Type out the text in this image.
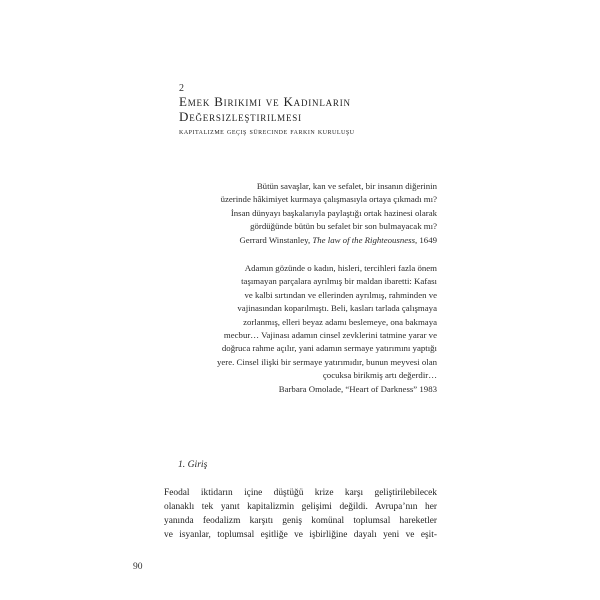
2
Emek Birikimi ve Kadınların
Değersizleştirilmesi
kapitalizme geçiş sürecinde farkın kuruluşu
Bütün savaşlar, kan ve sefalet, bir insanın diğerinin
üzerinde hâkimiyet kurmaya çalışmasıyla ortaya çıkmadı mı?
İnsan dünyayı başkalarıyla paylaştığı ortak hazinesi olarak
gördüğünde bütün bu sefalet bir son bulmayacak mı?
Gerrard Winstanley, The law of the Righteousness, 1649
Adamın gözünde o kadın, hisleri, tercihleri fazla önem
taşımayan parçalara ayrılmış bir maldan ibaretti: Kafası
ve kalbi sırtından ve ellerinden ayrılmış, rahminden ve
vajinasından koparılmıştı. Beli, kasları tarlada çalışmaya
zorlanmış, elleri beyaz adamı beslemeye, ona bakmaya
mecbur… Vajinası adamın cinsel zevklerini tatmine yarar ve
doğruca rahme açılır, yani adamın sermaye yatırımını yaptığı
yere. Cinsel ilişki bir sermaye yatırımıdır, bunun meyvesi olan
çocuksa birikmiş artı değerdir…
Barbara Omolade, “Heart of Darkness” 1983
1. Giriş
Feodal iktidarın içine düştüğü krize karşı geliştirilebilecek
olanaklı tek yanıt kapitalizmin gelişimi değildi. Avrupa’nın her
yanında feodalizm karşıtı geniş komünal toplumsal hareketler
ve isyanlar, toplumsal eşitliğe ve işbirliğine dayalı yeni ve eşit-
90
